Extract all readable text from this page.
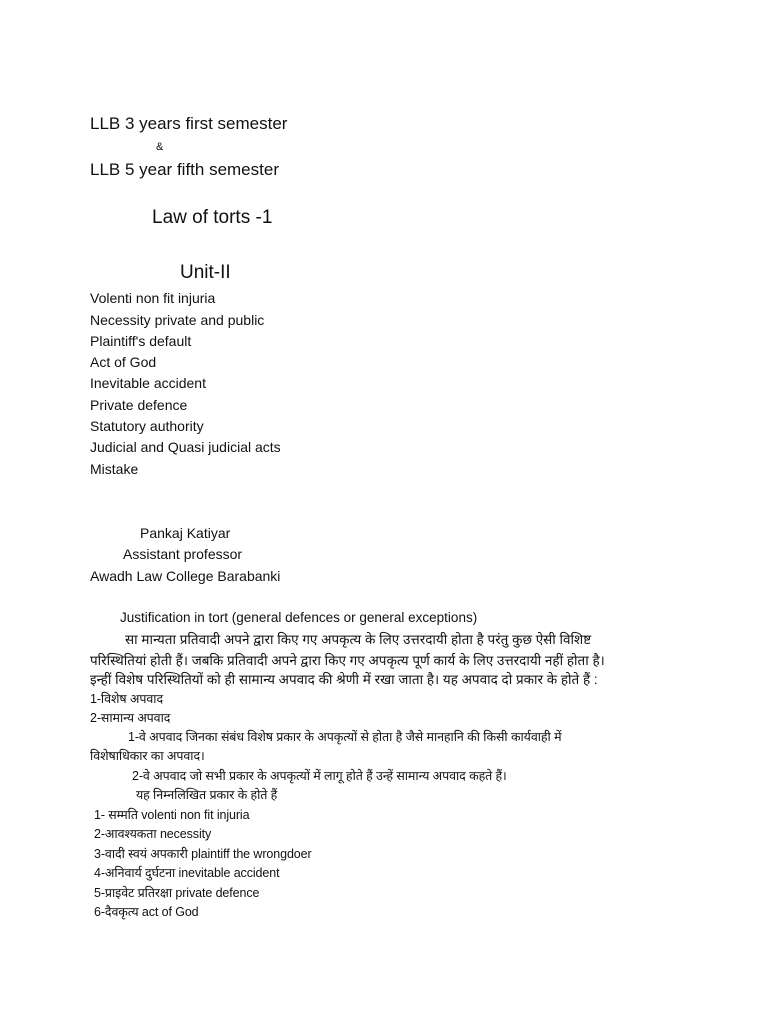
LLB 3 years first semester
&
LLB 5 year fifth semester
Law of torts -1
Unit-II
Volenti non fit injuria
Necessity private and public
Plaintiff's default
Act of God
Inevitable accident
Private defence
Statutory authority
Judicial and Quasi judicial acts
Mistake
Pankaj Katiyar
Assistant professor
Awadh Law College Barabanki
Justification in tort (general defences or general exceptions)
सा मान्यता प्रतिवादी अपने द्वारा किए गए अपकृत्य के लिए उत्तरदायी होता है परंतु कुछ ऐसी विशिष्ट
परिस्थितियां होती हैं। जबकि प्रतिवादी अपने द्वारा किए गए अपकृत्य पूर्ण कार्य के लिए उत्तरदायी नहीं होता है।
इन्हीं विशेष परिस्थितियों को ही सामान्य अपवाद की श्रेणी में रखा जाता है। यह अपवाद दो प्रकार के होते हैं :
1-विशेष अपवाद
2-सामान्य अपवाद
1-वे अपवाद जिनका संबंध विशेष प्रकार के अपकृत्यों से होता है जैसे मानहानि की किसी कार्यवाही में
विशेषाधिकार का अपवाद।
2-वे अपवाद जो सभी प्रकार के अपकृत्यों में लागू होते हैं उन्हें सामान्य अपवाद कहते हैं।
यह निम्नलिखित प्रकार के होते हैं
1- सम्मति volenti non fit injuria
2-आवश्यकता necessity
3-वादी स्वयं अपकारी plaintiff the wrongdoer
4-अनिवार्य दुर्घटना inevitable accident
5-प्राइवेट प्रतिरक्षा private defence
6-दैवकृत्य act of God
